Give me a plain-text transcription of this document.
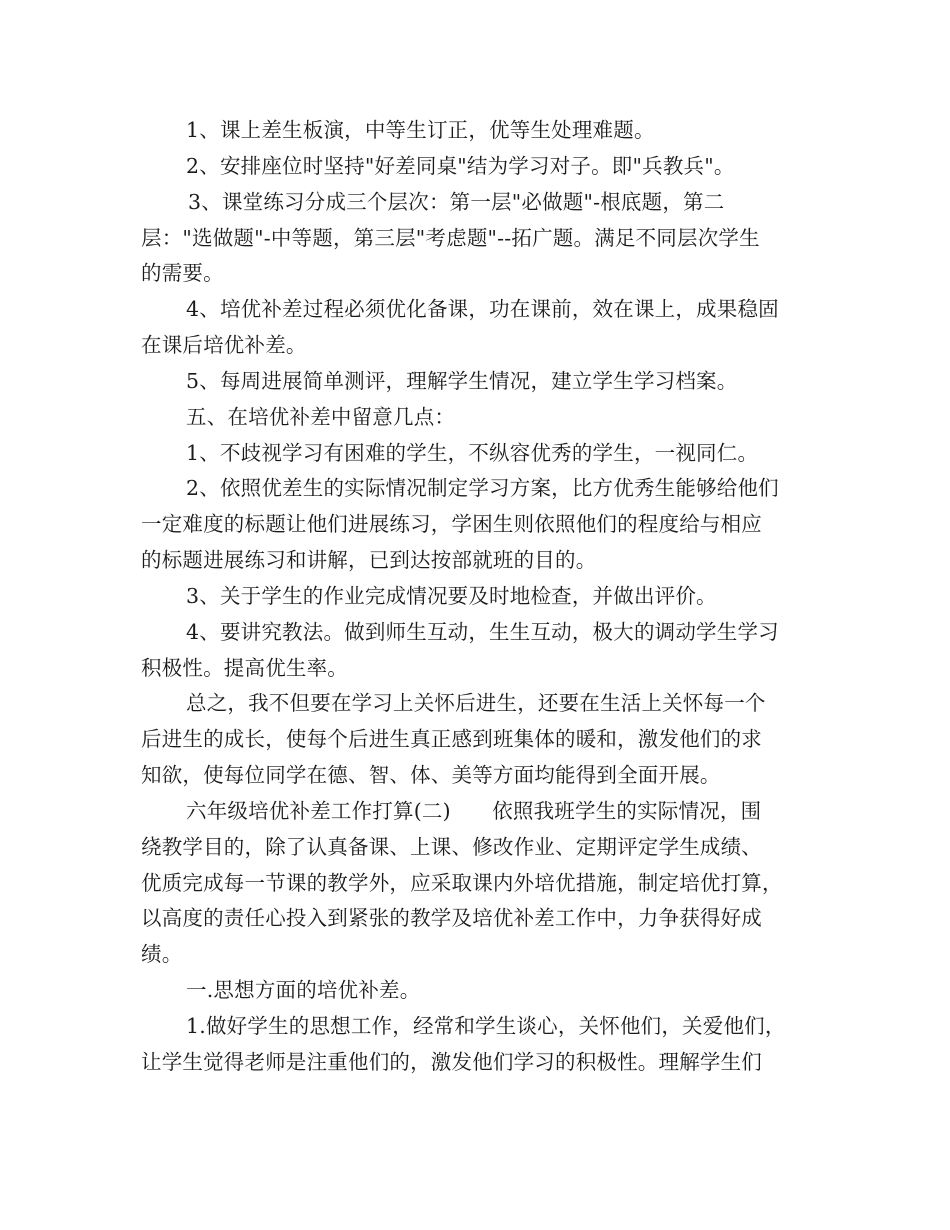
1、课上差生板演，中等生订正，优等生处理难题。
2、安排座位时坚持"好差同桌"结为学习对子。即"兵教兵"。
3、课堂练习分成三个层次：第一层"必做题"-根底题，第二
层："选做题"-中等题，第三层"考虑题"--拓广题。满足不同层次学生
的需要。
4、培优补差过程必须优化备课，功在课前，效在课上，成果稳固
在课后培优补差。
5、每周进展简单测评，理解学生情况，建立学生学习档案。
五、在培优补差中留意几点：
1、不歧视学习有困难的学生，不纵容优秀的学生，一视同仁。
2、依照优差生的实际情况制定学习方案，比方优秀生能够给他们
一定难度的标题让他们进展练习，学困生则依照他们的程度给与相应
的标题进展练习和讲解，已到达按部就班的目的。
3、关于学生的作业完成情况要及时地检查，并做出评价。
4、要讲究教法。做到师生互动，生生互动，极大的调动学生学习
积极性。提高优生率。
总之，我不但要在学习上关怀后进生，还要在生活上关怀每一个
后进生的成长，使每个后进生真正感到班集体的暖和，激发他们的求
知欲，使每位同学在德、智、体、美等方面均能得到全面开展。
六年级培优补差工作打算(二)　　依照我班学生的实际情况，围
绕教学目的，除了认真备课、上课、修改作业、定期评定学生成绩、
优质完成每一节课的教学外，应采取课内外培优措施，制定培优打算，
以高度的责任心投入到紧张的教学及培优补差工作中，力争获得好成
绩。
一.思想方面的培优补差。
1.做好学生的思想工作，经常和学生谈心，关怀他们，关爱他们，
让学生觉得老师是注重他们的，激发他们学习的积极性。理解学生们
